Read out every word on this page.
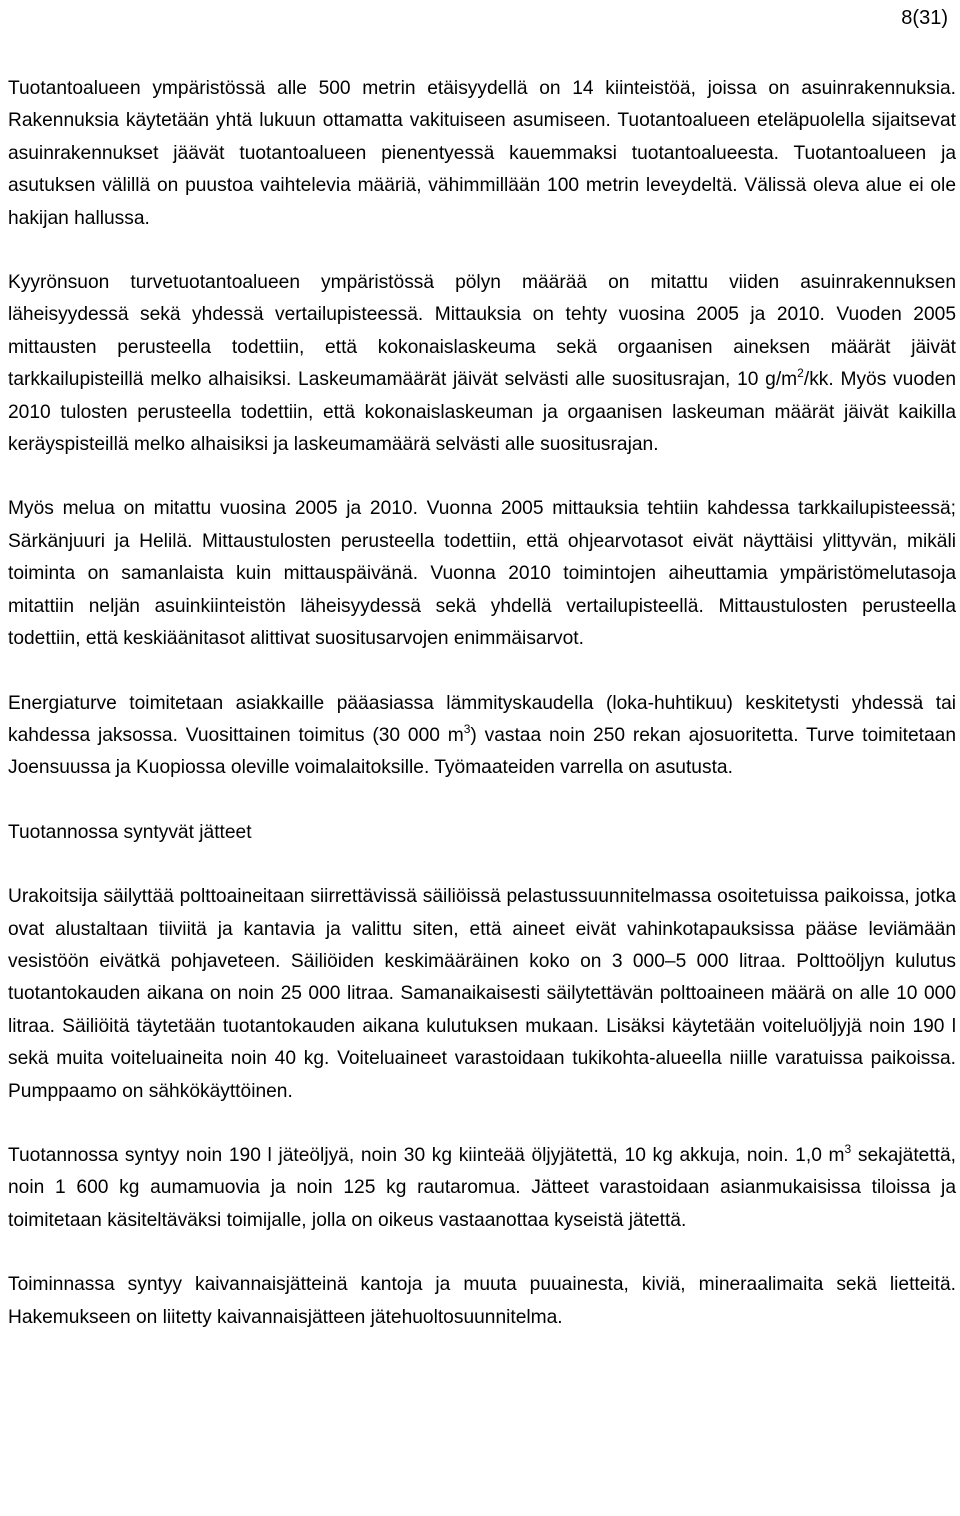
8(31)

Tuotantoalueen ympäristössä alle 500 metrin etäisyydellä on 14 kiinteistöä, joissa on asuinrakennuksia. Rakennuksia käytetään yhtä lukuun ottamatta vakituiseen asumiseen. Tuotantoalueen eteläpuolella sijaitsevat asuinrakennukset jäävät tuotantoalueen pienentyessä kauemmaksi tuotantoalueesta. Tuotantoalueen ja asutuksen välillä on puustoa vaihtelevia määriä, vähimmillään 100 metrin leveydeltä. Välissä oleva alue ei ole hakijan hallussa.

Kyyrönsuon turvetuotantoalueen ympäristössä pölyn määrää on mitattu viiden asuinrakennuksen läheisyydessä sekä yhdessä vertailupisteessä. Mittauksia on tehty vuosina 2005 ja 2010. Vuoden 2005 mittausten perusteella todettiin, että kokonaislaskeuma sekä orgaanisen aineksen määrät jäivät tarkkailupisteillä melko alhaisiksi. Laskeumamäärät jäivät selvästi alle suositusrajan, 10 $g/m^2/kk$. Myös vuoden 2010 tulosten perusteella todettiin, että kokonaislaskeuman ja orgaanisen laskeuman määrät jäivät kaikilla keräyspisteillä melko alhaisiksi ja laskeumamäärä selvästi alle suositusrajan.

Myös melua on mitattu vuosina 2005 ja 2010. Vuonna 2005 mittauksia tehtiin kahdessa tarkkailupisteessä; Särkänjuuri ja Helilä. Mittaustulosten perusteella todettiin, että ohjearvotasot eivät näyttäisi ylittyvän, mikäli toiminta on samanlaista kuin mittauspäivänä. Vuonna 2010 toimintojen aiheuttamia ympäristömelutasoja mitattiin neljän asuinkiinteistön läheisyydessä sekä yhdellä vertailupisteellä. Mittaustulosten perusteella todettiin, että keskiäänitasot alittivat suositusarvojen enimmäisarvot.

Energiaturve toimitetaan asiakkaille pääasiassa lämmityskaudella (loka-huhtikuu) keskitetysti yhdessä tai kahdessa jaksossa. Vuosittainen toimitus (30 000 $m^3$) vastaa noin 250 rekan ajosuoritetta. Turve toimitetaan Joensuussa ja Kuopiossa oleville voimalaitoksille. Työmaateiden varrella on asutusta.

Tuotannossa syntyvät jätteet

Urakoitsija säilyttää polttoaineitaan siirrettävissä säiliöissä pelastussuunnitelmassa osoitetuissa paikoissa, jotka ovat alustaltaan tiiviitä ja kantavia ja valittu siten, että aineet eivät vahinkotapauksissa pääse leviämään vesistöön eivätkä pohjaveteen. Säiliöiden keskimääräinen koko on 3 000–5 000 litraa. Polttoöljyn kulutus tuotantokauden aikana on noin 25 000 litraa. Samanaikaisesti säilytettävän polttoaineen määrä on alle 10 000 litraa. Säiliöitä täytetään tuotantokauden aikana kulutuksen mukaan. Lisäksi käytetään voiteluöljyjä noin 190 l sekä muita voiteluaineita noin 40 kg. Voiteluaineet varastoidaan tukikohta-alueella niille varatuissa paikoissa. Pumppaamo on sähkökäyttöinen.

Tuotannossa syntyy noin 190 l jäteöljyä, noin 30 kg kiinteää öljyjätettä, 10 kg akkuja, noin. 1,0 $m^3$ sekajätettä, noin 1 600 kg aumamuovia ja noin 125 kg rautaromua. Jätteet varastoidaan asianmukaisissa tiloissa ja toimitetaan käsiteltäväksi toimijalle, jolla on oikeus vastaanottaa kyseistä jätettä.

Toiminnassa syntyy kaivannaisjätteinä kantoja ja muuta puuainesta, kiviä, mineraalimaita sekä lietteitä. Hakemukseen on liitetty kaivannaisjätteen jätehuoltosuunnitelma.
